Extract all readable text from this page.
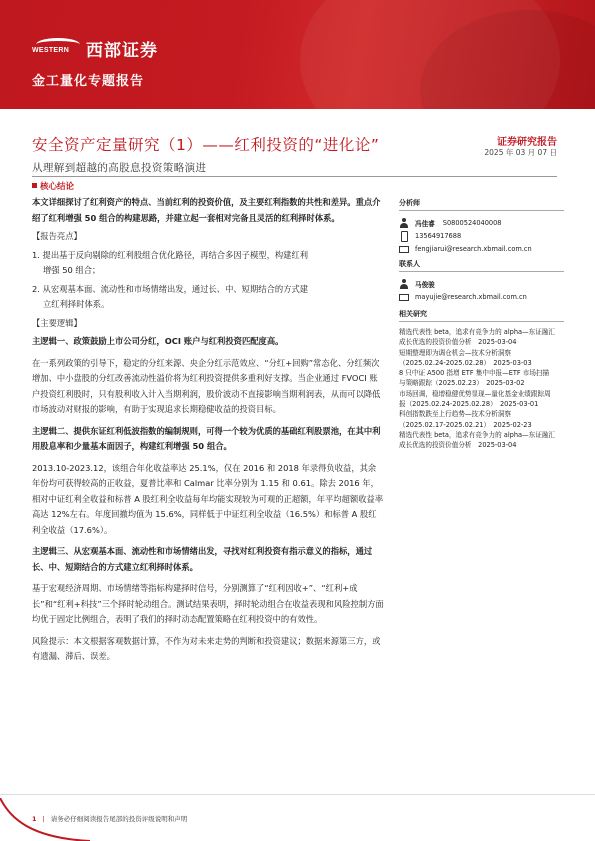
WESTERN 西部证券
金工量化专题报告
安全资产定量研究（1）——红利投资的“进化论”	证券研究报告
2025 年 03 月 07 日
从理解到超越的高股息投资策略演进
核心结论

本文详细探讨了红利资产的特点、当前红利的投资价值，及主要红利指数的共性和差异。重点介绍了红利增强 50 组合的构建思路，并建立起一套相对完备且灵活的红利择时体系。

【报告亮点】

1. 提出基于反向剔除的红利股组合优化路径，再结合多因子模型，构建红利
增强 50 组合；

2. 从宏观基本面、流动性和市场情绪出发，通过长、中、短期结合的方式建
立红利择时体系。

【主要逻辑】

主逻辑一、政策鼓励上市公司分红，OCI 账户与红利投资匹配度高。

在一系列政策的引导下，稳定的分红来源、央企分红示范效应、“分红+回购”常态化、分红频次增加、中小盘股的分红改善流动性溢价将为红利投资提供多重利好支撑。当企业通过 FVOCI 账户投资红利股时，只有股利收入计入当期利润，股价波动不直接影响当期利润表，从而可以降低市场波动对财报的影响，有助于实现追求长期稳健收益的投资目标。

主逻辑二、提供东证红利低波指数的编制规则，可得一个较为优质的基础红利股票池，在其中利用股息率和少量基本面因子，构建红利增强 50 组合。

2013.10-2023.12，该组合年化收益率达 25.1%，仅在 2016 和 2018 年录得负收益，其余年份均可获得较高的正收益，夏普比率和 Calmar 比率分别为 1.15 和 0.61。除去 2016 年，相对中证红利全收益和标普 A 股红利全收益每年均能实现较为可观的正超额，年平均超额收益率高达 12%左右。年度回撤均值为 15.6%，同样低于中证红利全收益（16.5%）和标普 A 股红利全收益（17.6%）。

主逻辑三、从宏观基本面、流动性和市场情绪出发，寻找对红利投资有指示意义的指标，通过长、中、短期结合的方式建立红利择时体系。

基于宏观经济周期、市场情绪等指标构建择时信号，分别测算了“红利因收+”、“红利+成长”和“红利+科技”三个择时轮动组合。测试结果表明，择时轮动组合在收益表现和风险控制方面均优于固定比例组合，表明了我们的择时动态配置策略在红利投资中的有效性。

风险提示：本文根据客观数据计算，不作为对未来走势的判断和投资建议；数据来源第三方，或有遗漏、滞后、误差。

分析师
冯佳睿 S0800524040008
13564917688
fengjiarui@research.xbmail.com.cn
联系人
马俊骏
mayujie@research.xbmail.com.cn
相关研究

精选代表性 beta，追求有竞争力的 alpha—东证融汇

成长优选的投资价值分析　2025-03-04

短期整理即为调仓机会—技术分析洞察

（2025.02.24-2025.02.28）　2025-03-03

8 只中证 A500 指增 ETF 集中申报—ETF 市场扫描

与策略跟踪（2025.02.23）　2025-03-02

市场回调，稳增稳健优势显现—量化基金业绩跟踪周

报（2025.02.24-2025.02.28）　2025-03-01

科创指数跌至上行趋势—技术分析洞察

（2025.02.17-2025.02.21）　2025-02-23

精选代表性 beta，追求有竞争力的 alpha—东证融汇

成长优选的投资价值分析　2025-03-04

1 | 请务必仔细阅读报告尾部的投资评级说明和声明
